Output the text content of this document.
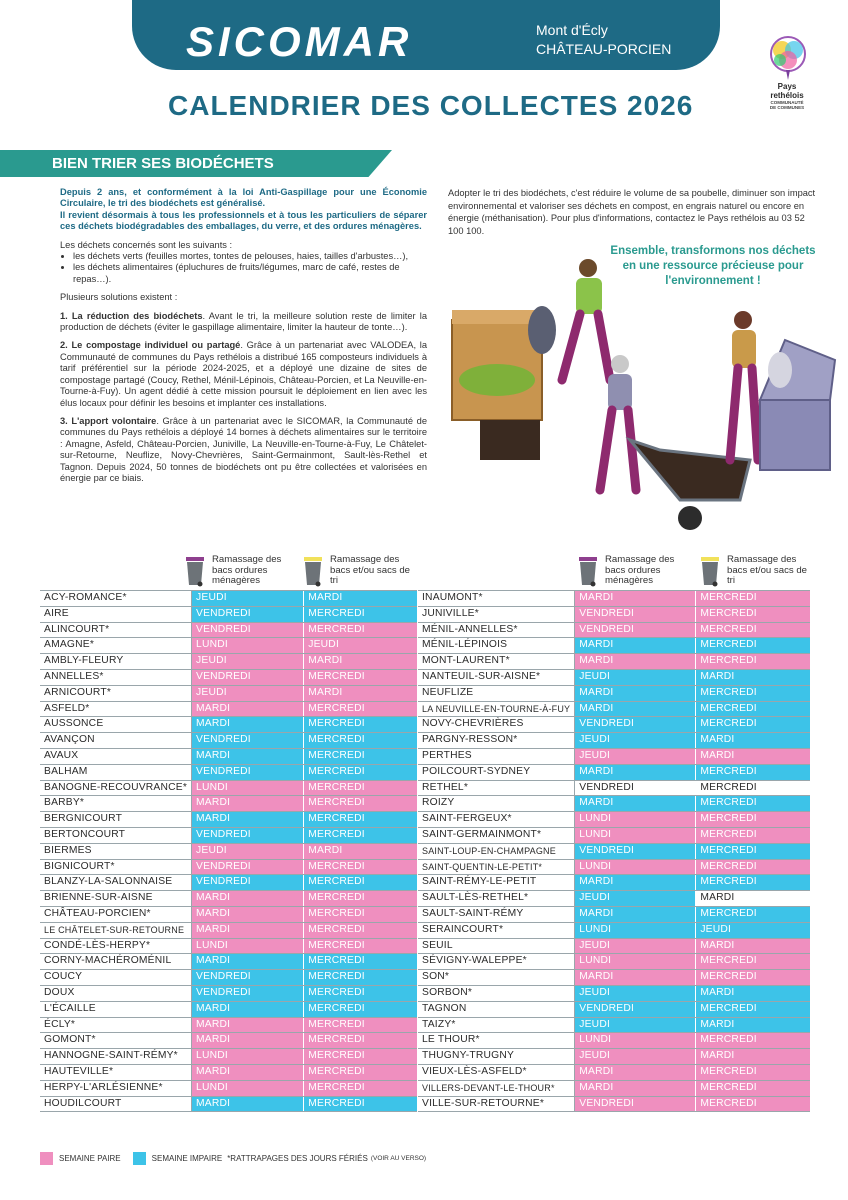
SICOMAR	Mont d'Écly
CHÂTEAU-PORCIEN
Pays
rethélois
COMMUNAUTÉ
DE COMMUNES
CALENDRIER DES COLLECTES 2026
BIEN TRIER SES BIODÉCHETS
Depuis 2 ans, et conformément à la loi Anti-Gaspillage pour une Économie Circulaire, le tri des biodéchets est généralisé.
Il revient désormais à tous les professionnels et à tous les particuliers de séparer ces déchets biodégradables des emballages, du verre, et des ordures ménagères.

Les déchets concernés sont les suivants :

• les déchets verts (feuilles mortes, tontes de pelouses, haies, tailles d'arbustes…),
• les déchets alimentaires (épluchures de fruits/légumes, marc de café, restes de repas…).

Plusieurs solutions existent :

1. La réduction des biodéchets. Avant le tri, la meilleure solution reste de limiter la production de déchets (éviter le gaspillage alimentaire, limiter la hauteur de tonte…).

2. Le compostage individuel ou partagé. Grâce à un partenariat avec VALODEA, la Communauté de communes du Pays rethélois a distribué 165 composteurs individuels à tarif préférentiel sur la période 2024-2025, et a déployé une dizaine de sites de compostage partagé (Coucy, Rethel, Ménil-Lépinois, Château-Porcien, et La Neuville-en-Tourne-à-Fuy). Un agent dédié à cette mission poursuit le déploiement en lien avec les élus locaux pour définir les besoins et implanter ces installations.

3. L'apport volontaire. Grâce à un partenariat avec le SICOMAR, la Communauté de communes du Pays rethélois a déployé 14 bornes à déchets alimentaires sur le territoire : Amagne, Asfeld, Château-Porcien, Juniville, La Neuville-en-Tourne-à-Fuy, Le Châtelet-sur-Retourne, Neuflize, Novy-Chevrières, Saint-Germainmont, Sault-lès-Rethel et Tagnon. Depuis 2024, 50 tonnes de biodéchets ont pu être collectées et valorisées en énergie par ce biais.

Adopter le tri des biodéchets, c'est réduire le volume de sa poubelle, diminuer son impact environnemental et valoriser ses déchets en compost, en engrais naturel ou encore en énergie (méthanisation). Pour plus d'informations, contactez le Pays rethélois au 03 52 100 100.
Ensemble, transformons nos déchets en une ressource précieuse pour l'environnement !
Ramassage des bacs ordures ménagères
Ramassage des bacs et/ou sacs de tri
Ramassage des bacs ordures ménagères
Ramassage des bacs et/ou sacs de tri
ACY-ROMANCE*	JEUDI	MARDI
AIRE	VENDREDI	MERCREDI
ALINCOURT*	VENDREDI	MERCREDI
AMAGNE*	LUNDI	JEUDI
AMBLY-FLEURY	JEUDI	MARDI
ANNELLES*	VENDREDI	MERCREDI
ARNICOURT*	JEUDI	MARDI
ASFELD*	MARDI	MERCREDI
AUSSONCE	MARDI	MERCREDI
AVANÇON	VENDREDI	MERCREDI
AVAUX	MARDI	MERCREDI
BALHAM	VENDREDI	MERCREDI
BANOGNE-RECOUVRANCE*	LUNDI	MERCREDI
BARBY*	MARDI	MERCREDI
BERGNICOURT	MARDI	MERCREDI
BERTONCOURT	VENDREDI	MERCREDI
BIERMES	JEUDI	MARDI
BIGNICOURT*	VENDREDI	MERCREDI
BLANZY-LA-SALONNAISE	VENDREDI	MERCREDI
BRIENNE-SUR-AISNE	MARDI	MERCREDI
CHÂTEAU-PORCIEN*	MARDI	MERCREDI
LE CHÂTELET-SUR-RETOURNE	MARDI	MERCREDI
CONDÉ-LÈS-HERPY*	LUNDI	MERCREDI
CORNY-MACHÉROMÉNIL	MARDI	MERCREDI
COUCY	VENDREDI	MERCREDI
DOUX	VENDREDI	MERCREDI
L'ÉCAILLE	MARDI	MERCREDI
ÉCLY*	MARDI	MERCREDI
GOMONT*	MARDI	MERCREDI
HANNOGNE-SAINT-RÉMY*	LUNDI	MERCREDI
HAUTEVILLE*	MARDI	MERCREDI
HERPY-L'ARLÉSIENNE*	LUNDI	MERCREDI
HOUDILCOURT	MARDI	MERCREDI
INAUMONT*	MARDI	MERCREDI
JUNIVILLE*	VENDREDI	MERCREDI
MÉNIL-ANNELLES*	VENDREDI	MERCREDI
MÉNIL-LÉPINOIS	MARDI	MERCREDI
MONT-LAURENT*	MARDI	MERCREDI
NANTEUIL-SUR-AISNE*	JEUDI	MARDI
NEUFLIZE	MARDI	MERCREDI
LA NEUVILLE-EN-TOURNE-À-FUY	MARDI	MERCREDI
NOVY-CHEVRIÈRES	VENDREDI	MERCREDI
PARGNY-RESSON*	JEUDI	MARDI
PERTHES	JEUDI	MARDI
POILCOURT-SYDNEY	MARDI	MERCREDI
RETHEL*	VENDREDI	MERCREDI
ROIZY	MARDI	MERCREDI
SAINT-FERGEUX*	LUNDI	MERCREDI
SAINT-GERMAINMONT*	LUNDI	MERCREDI
SAINT-LOUP-EN-CHAMPAGNE	VENDREDI	MERCREDI
SAINT-QUENTIN-LE-PETIT*	LUNDI	MERCREDI
SAINT-RÉMY-LE-PETIT	MARDI	MERCREDI
SAULT-LÈS-RETHEL*	JEUDI	MARDI
SAULT-SAINT-RÉMY	MARDI	MERCREDI
SERAINCOURT*	LUNDI	JEUDI
SEUIL	JEUDI	MARDI
SÉVIGNY-WALEPPE*	LUNDI	MERCREDI
SON*	MARDI	MERCREDI
SORBON*	JEUDI	MARDI
TAGNON	VENDREDI	MERCREDI
TAIZY*	JEUDI	MARDI
LE THOUR*	LUNDI	MERCREDI
THUGNY-TRUGNY	JEUDI	MARDI
VIEUX-LÈS-ASFELD*	MARDI	MERCREDI
VILLERS-DEVANT-LE-THOUR*	MARDI	MERCREDI
VILLE-SUR-RETOURNE*	VENDREDI	MERCREDI
SEMAINE PAIRE	SEMAINE IMPAIRE *RATTRAPAGES DES JOURS FÉRIÉS (VOIR AU VERSO)
